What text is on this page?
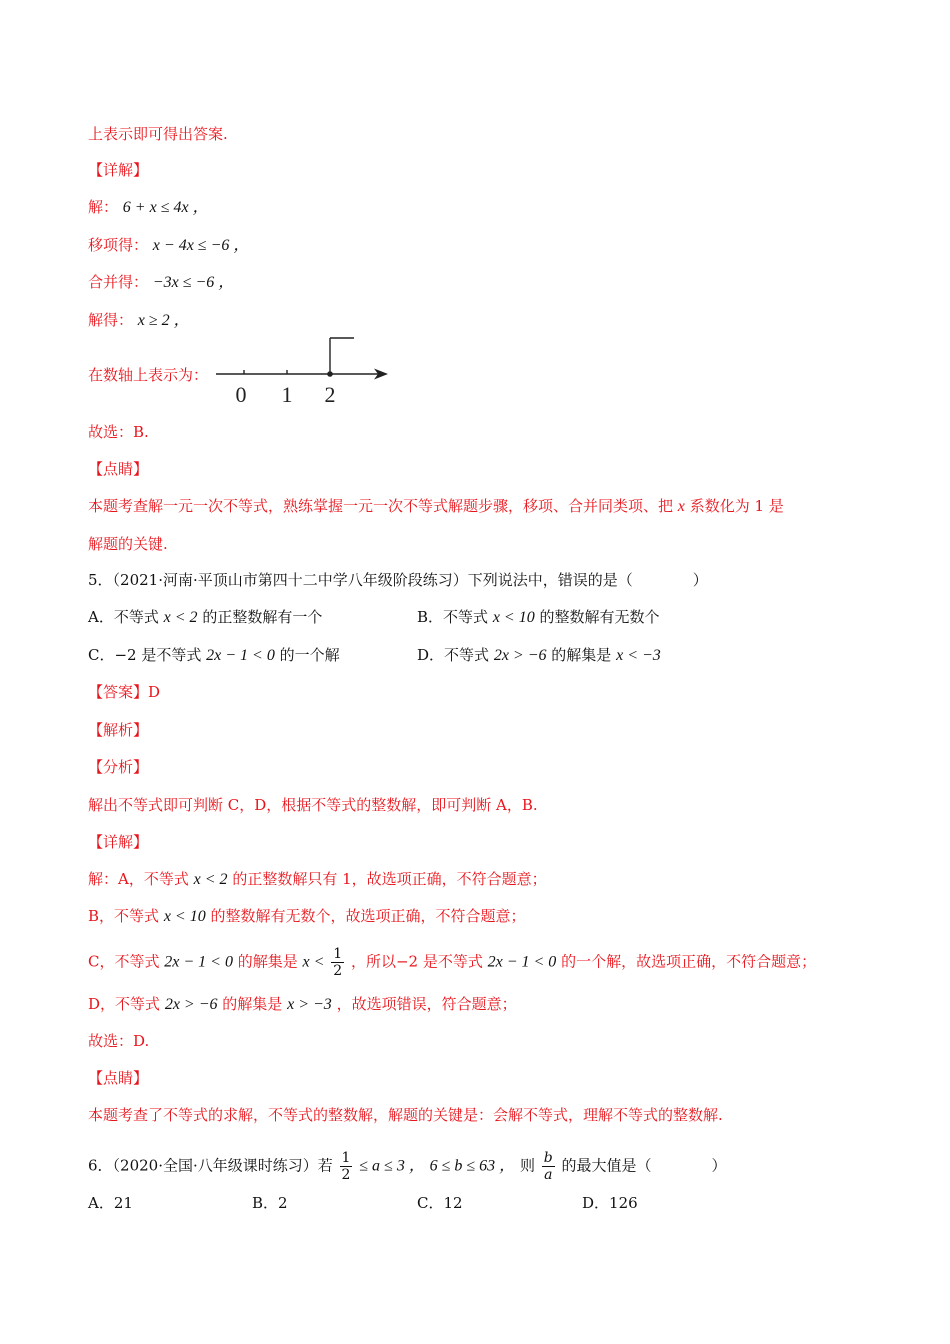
上表示即可得出答案.
【详解】
解： 6 + x ≤ 4x ，
移项得： x − 4x ≤ −6 ，
合并得： −3x ≤ −6 ，
解得： x ≥ 2 ，
在数轴上表示为：
0 1 2
故选：B.
【点睛】
本题考查解一元一次不等式，熟练掌握一元一次不等式解题步骤，移项、合并同类项、把 x 系数化为 1 是
解题的关键.
5．（2021·河南·平顶山市第四十二中学八年级阶段练习）下列说法中，错误的是（　　　　）
A．不等式 x < 2 的正整数解有一个	B．不等式 x < 10 的整数解有无数个
C．−2 是不等式 2x − 1 < 0 的一个解	D．不等式 2x > −6 的解集是 x < −3
【答案】D
【解析】
【分析】
解出不等式即可判断 C，D，根据不等式的整数解，即可判断 A，B.
【详解】
解：A，不等式 x < 2 的正整数解只有 1，故选项正确，不符合题意；
B，不等式 x < 10 的整数解有无数个，故选项正确，不符合题意；
C，不等式 2x − 1 < 0 的解集是 $x < \frac{1}{2}$ ，所以−2 是不等式 2x − 1 < 0 的一个解，故选项正确，不符合题意；
D，不等式 2x > −6 的解集是 x > −3 ，故选项错误，符合题意；
故选：D.
【点睛】
本题考查了不等式的求解，不等式的整数解，解题的关键是：会解不等式，理解不等式的整数解.
6．（2020·全国·八年级课时练习）若 $\frac{1}{2} \le a \le 3$ ， 6 ≤ b ≤ 63 ， 则 $\frac{b}{a}$ 的最大值是（　　　　）
A．21	B．2	C．12	D．126
